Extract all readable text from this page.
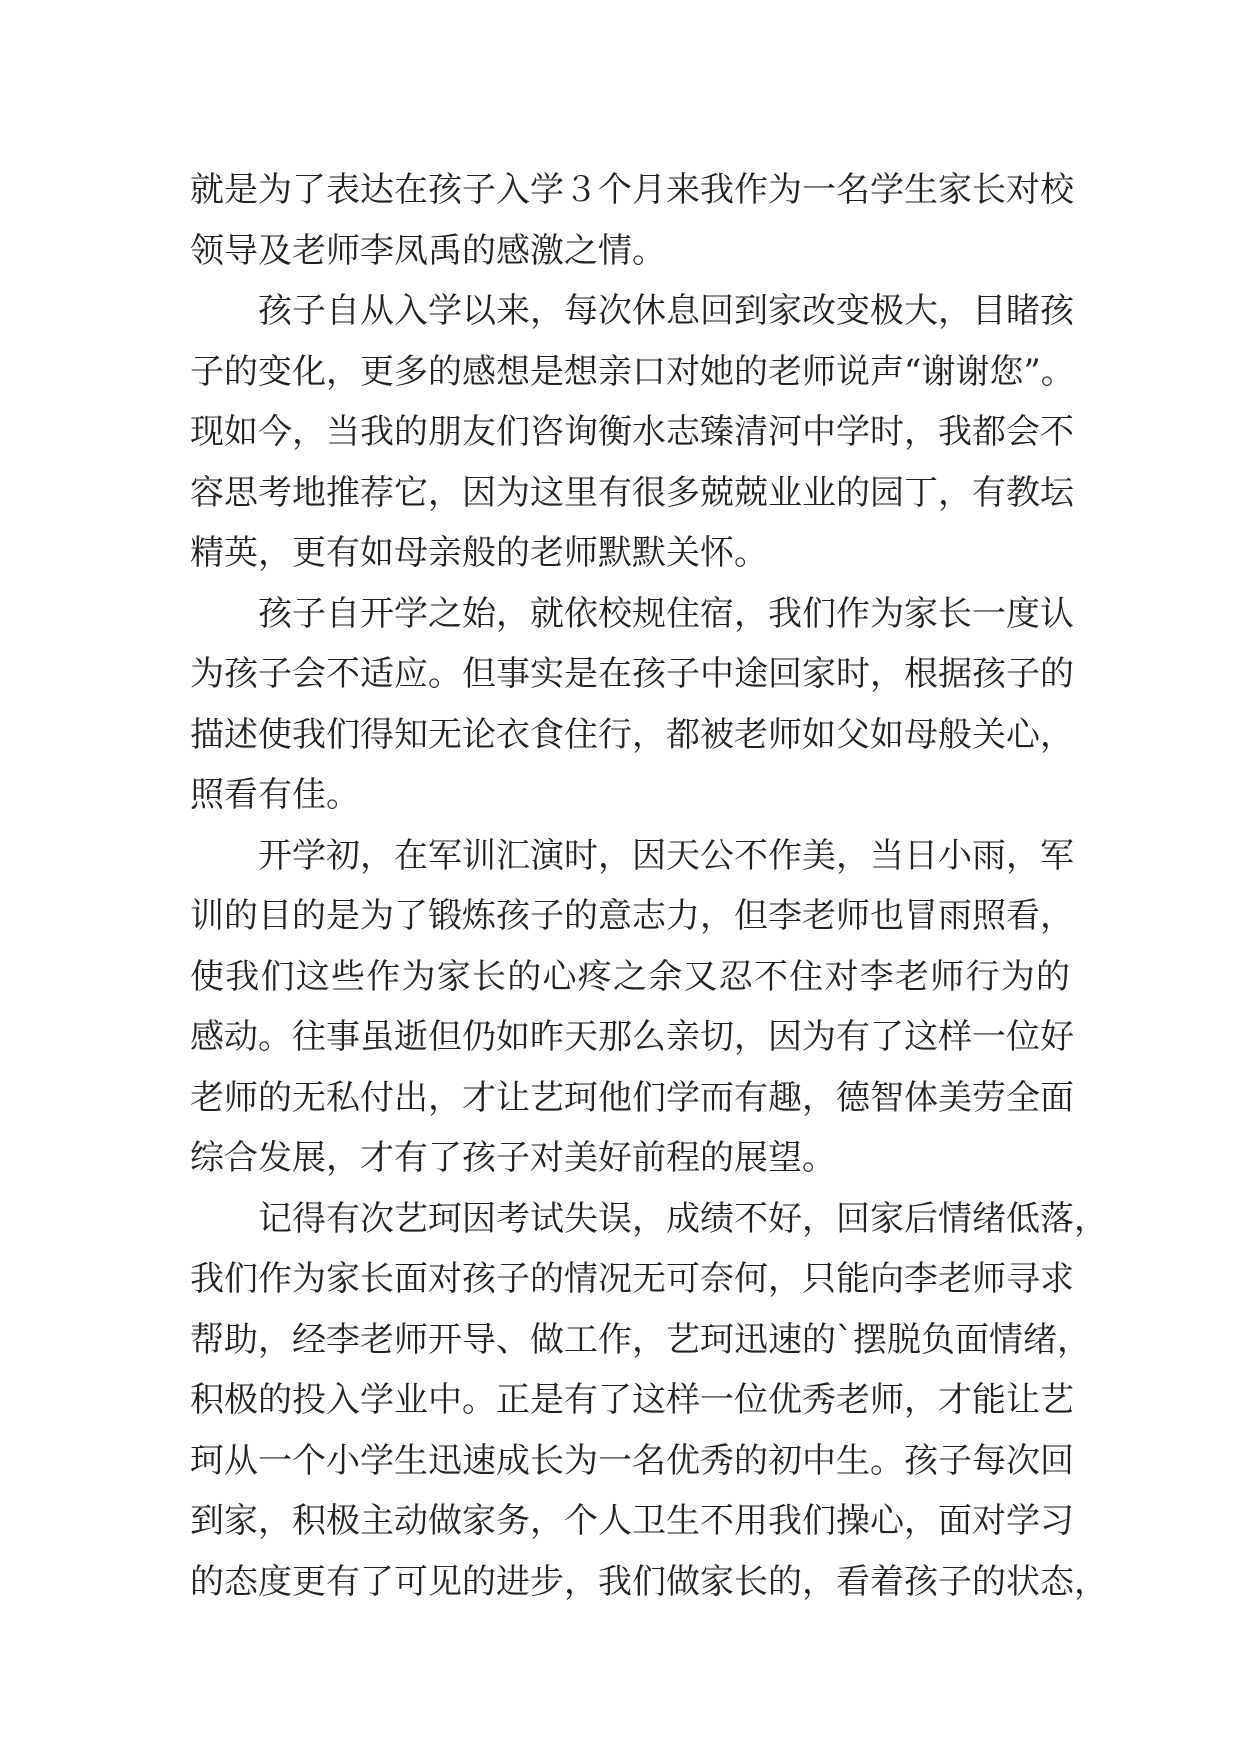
就是为了表达在孩子入学３个月来我作为一名学生家长对校
领导及老师李凤禹的感激之情。
孩子自从入学以来，每次休息回到家改变极大，目睹孩
子的变化，更多的感想是想亲口对她的老师说声“谢谢您”。
现如今，当我的朋友们咨询衡水志臻清河中学时，我都会不
容思考地推荐它，因为这里有很多兢兢业业的园丁，有教坛
精英，更有如母亲般的老师默默关怀。
孩子自开学之始，就依校规住宿，我们作为家长一度认
为孩子会不适应。但事实是在孩子中途回家时，根据孩子的
描述使我们得知无论衣食住行，都被老师如父如母般关心，
照看有佳。
开学初，在军训汇演时，因天公不作美，当日小雨，军
训的目的是为了锻炼孩子的意志力，但李老师也冒雨照看，
使我们这些作为家长的心疼之余又忍不住对李老师行为的
感动。往事虽逝但仍如昨天那么亲切，因为有了这样一位好
老师的无私付出，才让艺珂他们学而有趣，德智体美劳全面
综合发展，才有了孩子对美好前程的展望。
记得有次艺珂因考试失误，成绩不好，回家后情绪低落，
我们作为家长面对孩子的情况无可奈何，只能向李老师寻求
帮助，经李老师开导、做工作，艺珂迅速的`摆脱负面情绪，
积极的投入学业中。正是有了这样一位优秀老师，才能让艺
珂从一个小学生迅速成长为一名优秀的初中生。孩子每次回
到家，积极主动做家务，个人卫生不用我们操心，面对学习
的态度更有了可见的进步，我们做家长的，看着孩子的状态，
